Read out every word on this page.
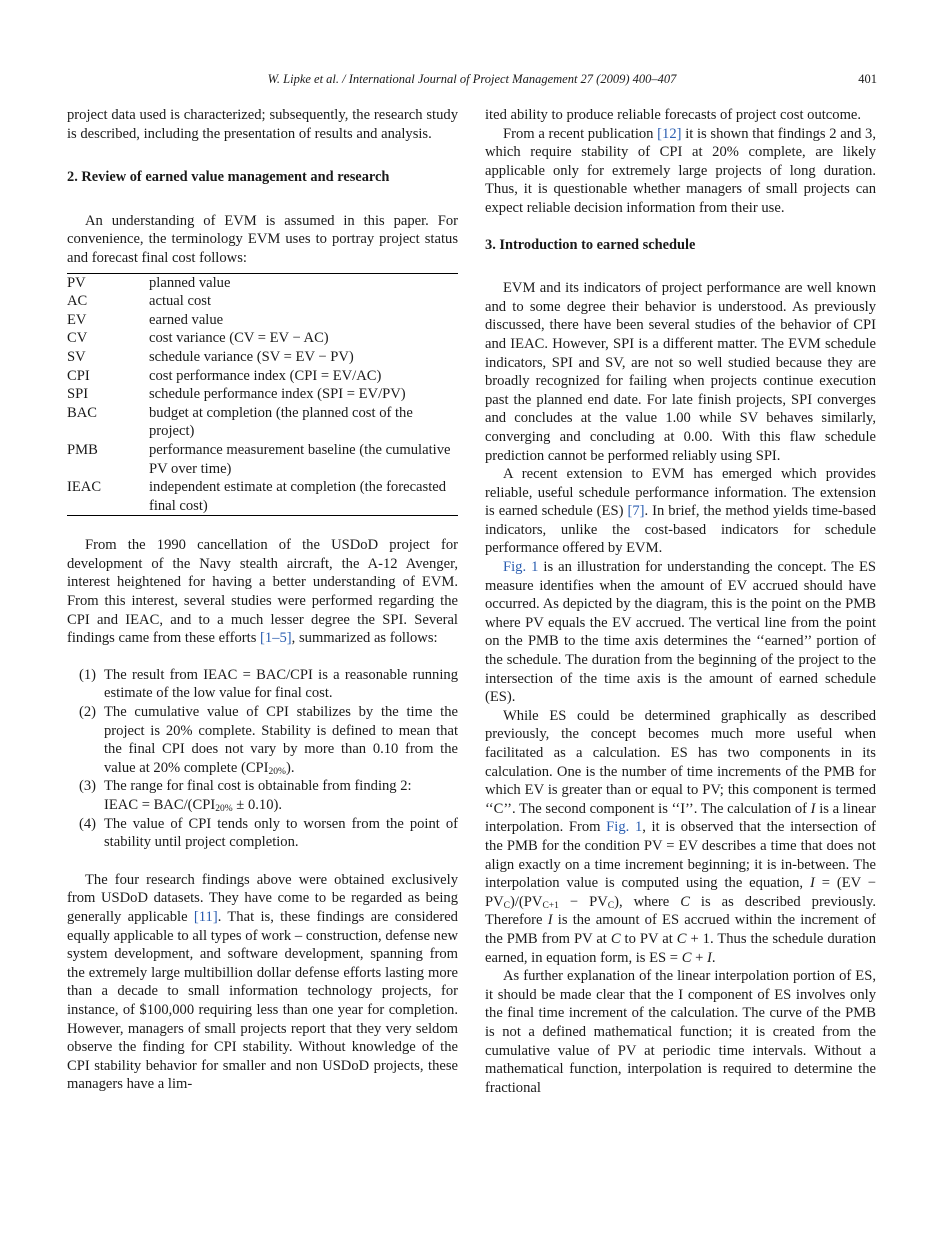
W. Lipke et al. / International Journal of Project Management 27 (2009) 400–407	401

project data used is characterized; subsequently, the research study is described, including the presentation of results and analysis.

2. Review of earned value management and research

An understanding of EVM is assumed in this paper. For convenience, the terminology EVM uses to portray project status and forecast final cost follows:

PV	planned value
AC	actual cost
EV	earned value
CV	cost variance (CV = EV − AC)
SV	schedule variance (SV = EV − PV)
CPI	cost performance index (CPI = EV/AC)
SPI	schedule performance index (SPI = EV/PV)
BAC	budget at completion (the planned cost of the project)
PMB	performance measurement baseline (the cumulative PV over time)
IEAC	independent estimate at completion (the forecasted final cost)

From the 1990 cancellation of the USDoD project for development of the Navy stealth aircraft, the A-12 Avenger, interest heightened for having a better understanding of EVM. From this interest, several studies were performed regarding the CPI and IEAC, and to a much lesser degree the SPI. Several findings came from these efforts [1–5], summarized as follows:

(1) The result from IEAC = BAC/CPI is a reasonable running estimate of the low value for final cost.
(2) The cumulative value of CPI stabilizes by the time the project is 20% complete. Stability is defined to mean that the final CPI does not vary by more than 0.10 from the value at 20% complete $(CPI_{20\%})$.
(3) The range for final cost is obtainable from finding 2:
IEAC = BAC/$(CPI_{20\%} \pm 0.10)$.
(4) The value of CPI tends only to worsen from the point of stability until project completion.

The four research findings above were obtained exclusively from USDoD datasets. They have come to be regarded as being generally applicable [11]. That is, these findings are considered equally applicable to all types of work – construction, defense new system development, and software development, spanning from the extremely large multibillion dollar defense efforts lasting more than a decade to small information technology projects, for instance, of $100,000 requiring less than one year for completion. However, managers of small projects report that they very seldom observe the finding for CPI stability. Without knowledge of the CPI stability behavior for smaller and non USDoD projects, these managers have a lim-

ited ability to produce reliable forecasts of project cost outcome.

From a recent publication [12] it is shown that findings 2 and 3, which require stability of CPI at 20% complete, are likely applicable only for extremely large projects of long duration. Thus, it is questionable whether managers of small projects can expect reliable decision information from their use.

3. Introduction to earned schedule

EVM and its indicators of project performance are well known and to some degree their behavior is understood. As previously discussed, there have been several studies of the behavior of CPI and IEAC. However, SPI is a different matter. The EVM schedule indicators, SPI and SV, are not so well studied because they are broadly recognized for failing when projects continue execution past the planned end date. For late finish projects, SPI converges and concludes at the value 1.00 while SV behaves similarly, converging and concluding at 0.00. With this flaw schedule prediction cannot be performed reliably using SPI.

A recent extension to EVM has emerged which provides reliable, useful schedule performance information. The extension is earned schedule (ES) [7]. In brief, the method yields time-based indicators, unlike the cost-based indicators for schedule performance offered by EVM.

Fig. 1 is an illustration for understanding the concept. The ES measure identifies when the amount of EV accrued should have occurred. As depicted by the diagram, this is the point on the PMB where PV equals the EV accrued. The vertical line from the point on the PMB to the time axis determines the ‘‘earned’’ portion of the schedule. The duration from the beginning of the project to the intersection of the time axis is the amount of earned schedule (ES).

While ES could be determined graphically as described previously, the concept becomes much more useful when facilitated as a calculation. ES has two components in its calculation. One is the number of time increments of the PMB for which EV is greater than or equal to PV; this component is termed ‘‘C’’. The second component is ‘‘I’’. The calculation of I is a linear interpolation. From Fig. 1, it is observed that the intersection of the PMB for the condition PV = EV describes a time that does not align exactly on a time increment beginning; it is in-between. The interpolation value is computed using the equation, $I = (EV - PV_C)/(PV_{C+1} - PV_C)$, where C is as described previously. Therefore I is the amount of ES accrued within the increment of the PMB from PV at C to PV at C + 1. Thus the schedule duration earned, in equation form, is ES = C + I.

As further explanation of the linear interpolation portion of ES, it should be made clear that the I component of ES involves only the final time increment of the calculation. The curve of the PMB is not a defined mathematical function; it is created from the cumulative value of PV at periodic time intervals. Without a mathematical function, interpolation is required to determine the fractional
